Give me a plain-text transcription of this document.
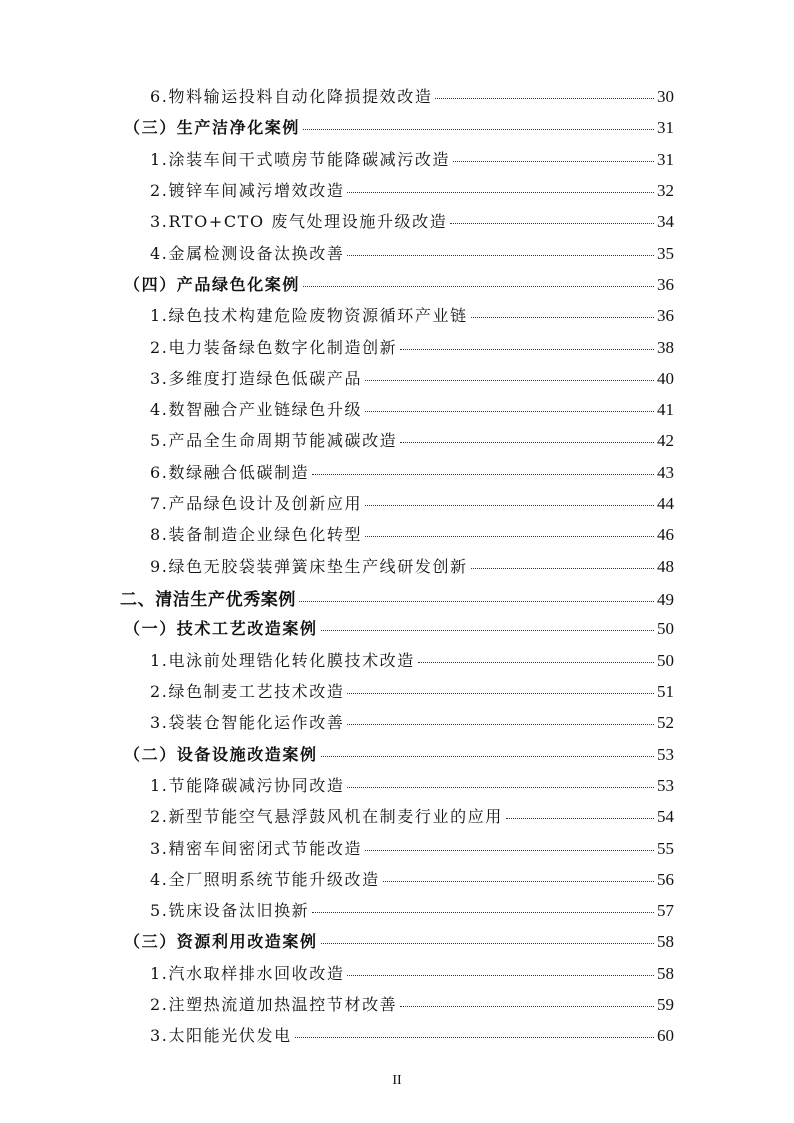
6.物料输运投料自动化降损提效改造	30
（三）生产洁净化案例	31
1.涂装车间干式喷房节能降碳减污改造	31
2.镀锌车间减污增效改造	32
3.RTO+CTO 废气处理设施升级改造	34
4.金属检测设备汰换改善	35
（四）产品绿色化案例	36
1.绿色技术构建危险废物资源循环产业链	36
2.电力装备绿色数字化制造创新	38
3.多维度打造绿色低碳产品	40
4.数智融合产业链绿色升级	41
5.产品全生命周期节能减碳改造	42
6.数绿融合低碳制造	43
7.产品绿色设计及创新应用	44
8.装备制造企业绿色化转型	46
9.绿色无胶袋装弹簧床垫生产线研发创新	48
二、清洁生产优秀案例	49
（一）技术工艺改造案例	50
1.电泳前处理锆化转化膜技术改造	50
2.绿色制麦工艺技术改造	51
3.袋装仓智能化运作改善	52
（二）设备设施改造案例	53
1.节能降碳减污协同改造	53
2.新型节能空气悬浮鼓风机在制麦行业的应用	54
3.精密车间密闭式节能改造	55
4.全厂照明系统节能升级改造	56
5.铣床设备汰旧换新	57
（三）资源利用改造案例	58
1.汽水取样排水回收改造	58
2.注塑热流道加热温控节材改善	59
3.太阳能光伏发电	60
II
